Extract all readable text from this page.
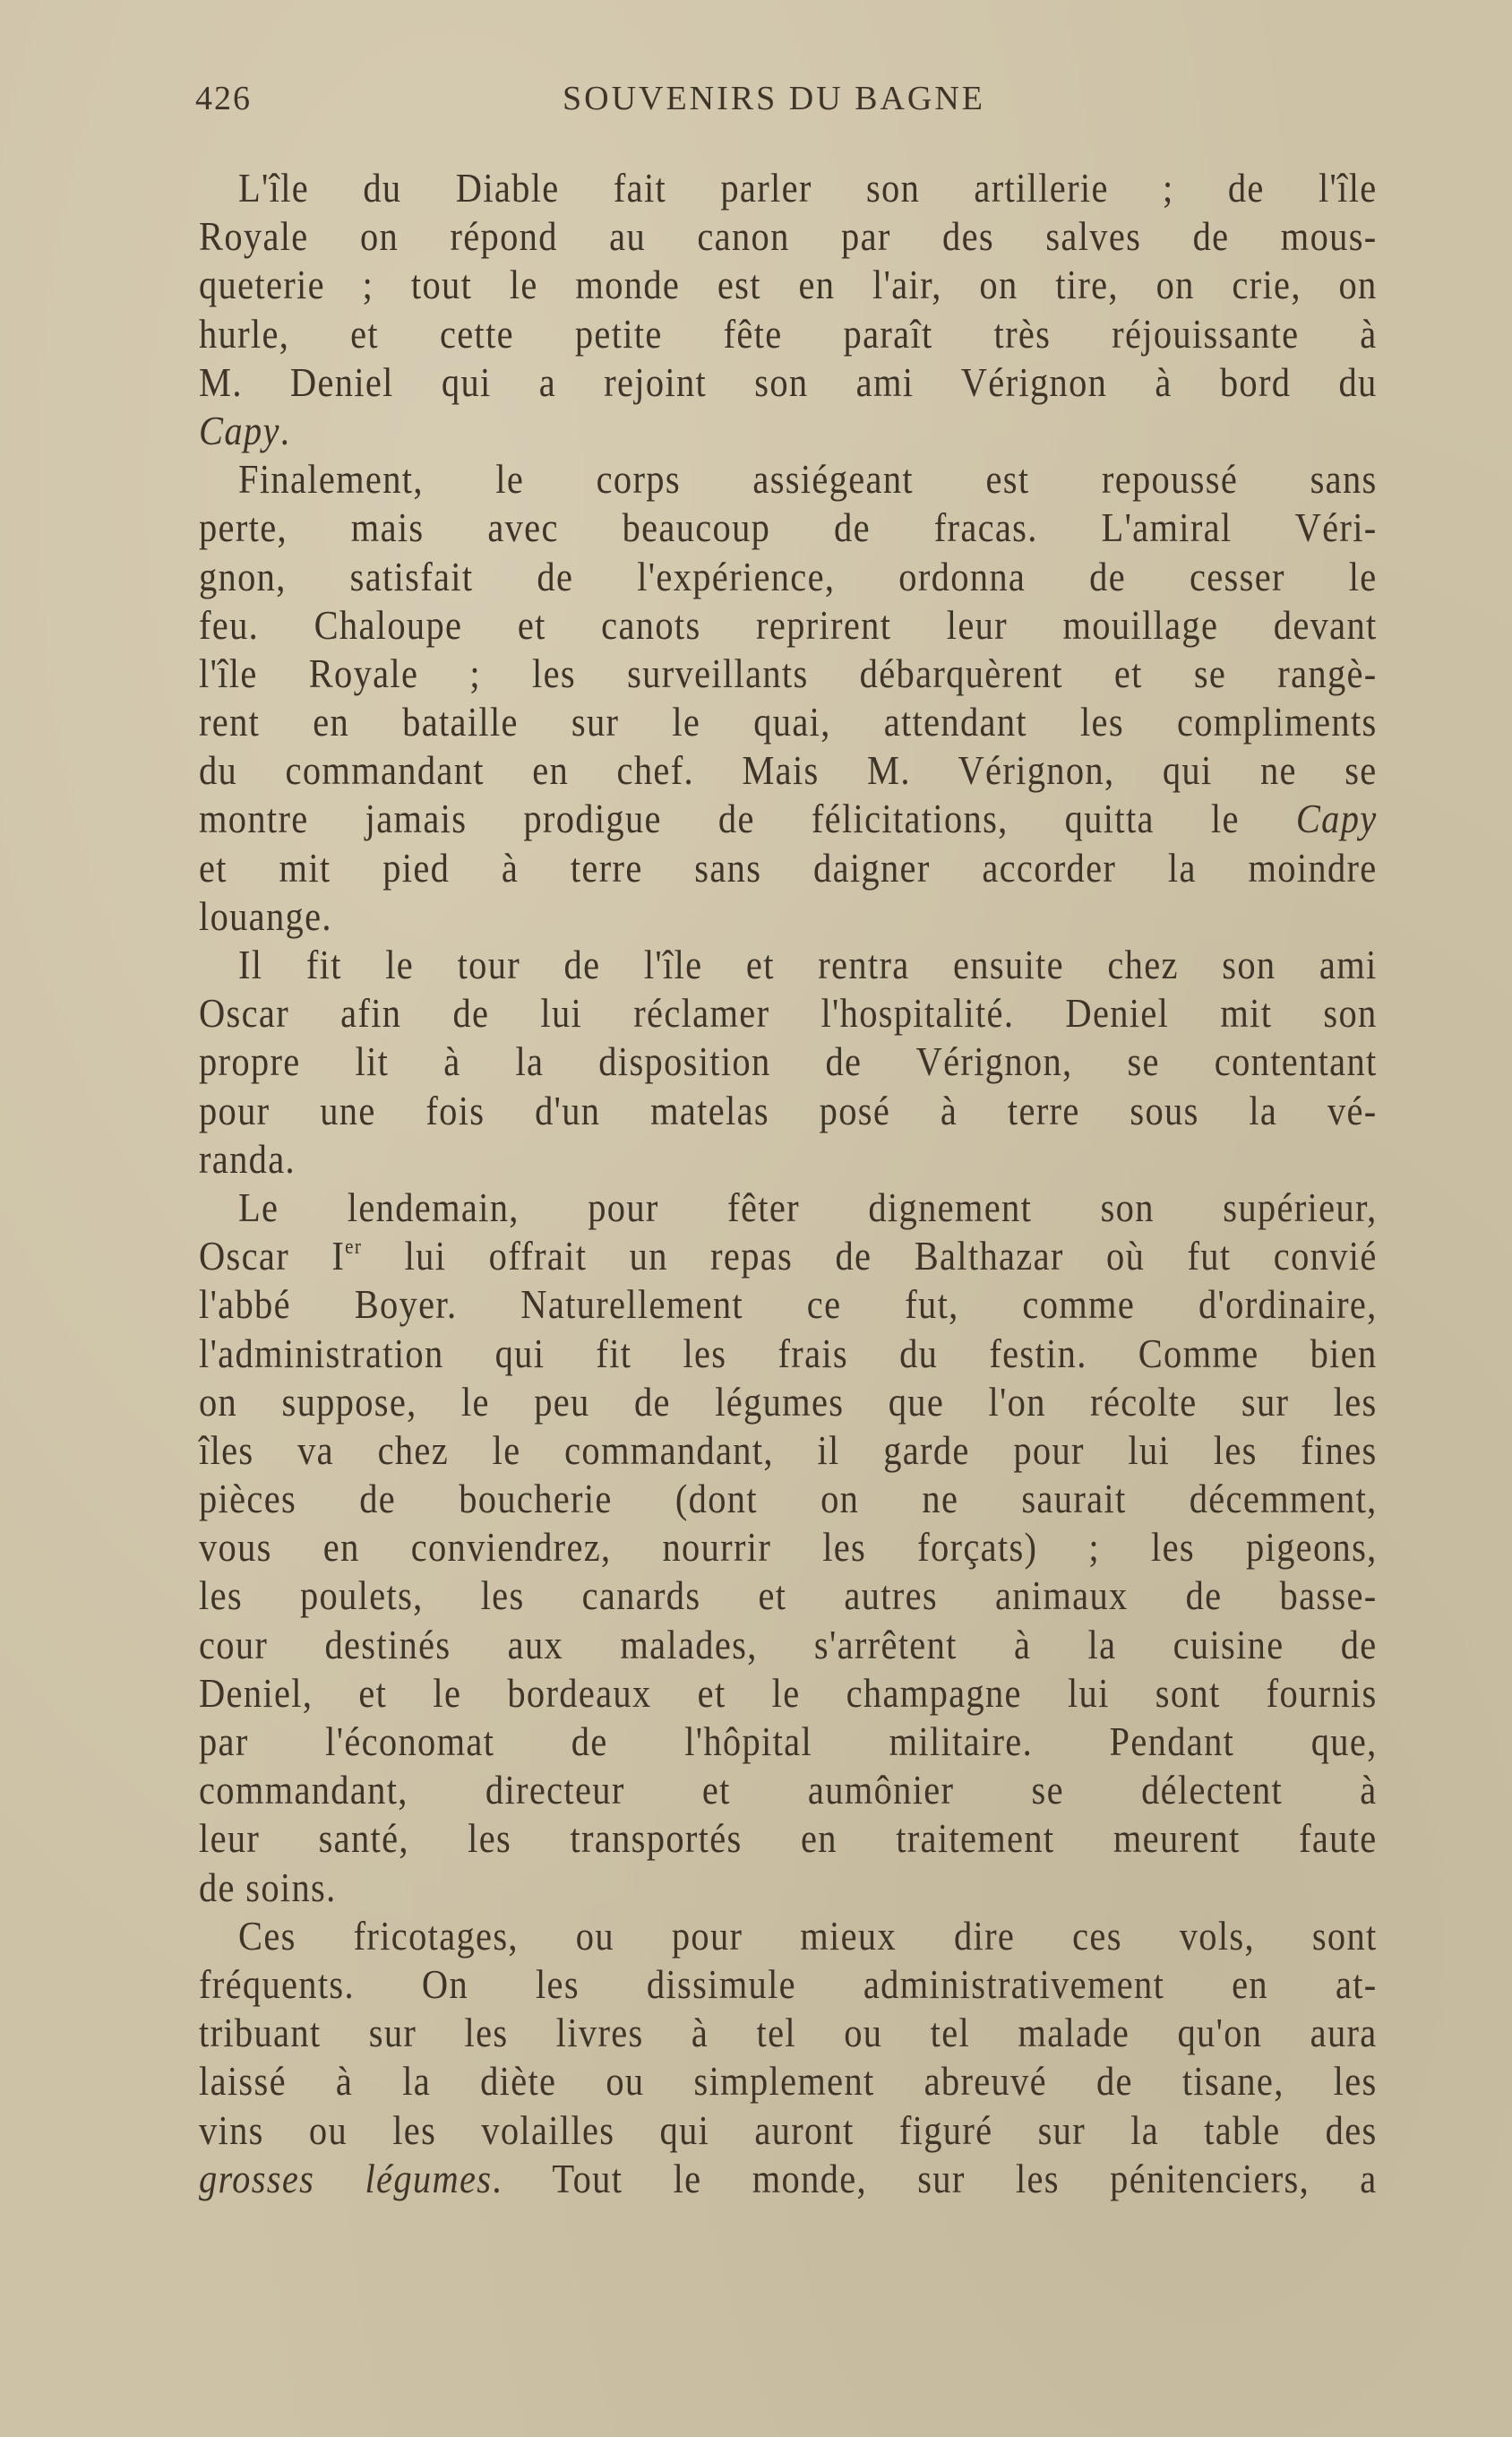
426	SOUVENIRS DU BAGNE
L'île du Diable fait parler son artillerie ; de l'île
Royale on répond au canon par des salves de mous-
queterie ; tout le monde est en l'air, on tire, on crie, on
hurle, et cette petite fête paraît très réjouissante à
M. Deniel qui a rejoint son ami Vérignon à bord du
Capy.
Finalement, le corps assiégeant est repoussé sans
perte, mais avec beaucoup de fracas. L'amiral Véri-
gnon, satisfait de l'expérience, ordonna de cesser le
feu. Chaloupe et canots reprirent leur mouillage devant
l'île Royale ; les surveillants débarquèrent et se rangè-
rent en bataille sur le quai, attendant les compliments
du commandant en chef. Mais M. Vérignon, qui ne se
montre jamais prodigue de félicitations, quitta le Capy
et mit pied à terre sans daigner accorder la moindre
louange.
Il fit le tour de l'île et rentra ensuite chez son ami
Oscar afin de lui réclamer l'hospitalité. Deniel mit son
propre lit à la disposition de Vérignon, se contentant
pour une fois d'un matelas posé à terre sous la vé-
randa.
Le lendemain, pour fêter dignement son supérieur,
Oscar Ier lui offrait un repas de Balthazar où fut convié
l'abbé Boyer. Naturellement ce fut, comme d'ordinaire,
l'administration qui fit les frais du festin. Comme bien
on suppose, le peu de légumes que l'on récolte sur les
îles va chez le commandant, il garde pour lui les fines
pièces de boucherie (dont on ne saurait décemment,
vous en conviendrez, nourrir les forçats) ; les pigeons,
les poulets, les canards et autres animaux de basse-
cour destinés aux malades, s'arrêtent à la cuisine de
Deniel, et le bordeaux et le champagne lui sont fournis
par l'économat de l'hôpital militaire. Pendant que,
commandant, directeur et aumônier se délectent à
leur santé, les transportés en traitement meurent faute
de soins.
Ces fricotages, ou pour mieux dire ces vols, sont
fréquents. On les dissimule administrativement en at-
tribuant sur les livres à tel ou tel malade qu'on aura
laissé à la diète ou simplement abreuvé de tisane, les
vins ou les volailles qui auront figuré sur la table des
grosses légumes. Tout le monde, sur les pénitenciers, a
